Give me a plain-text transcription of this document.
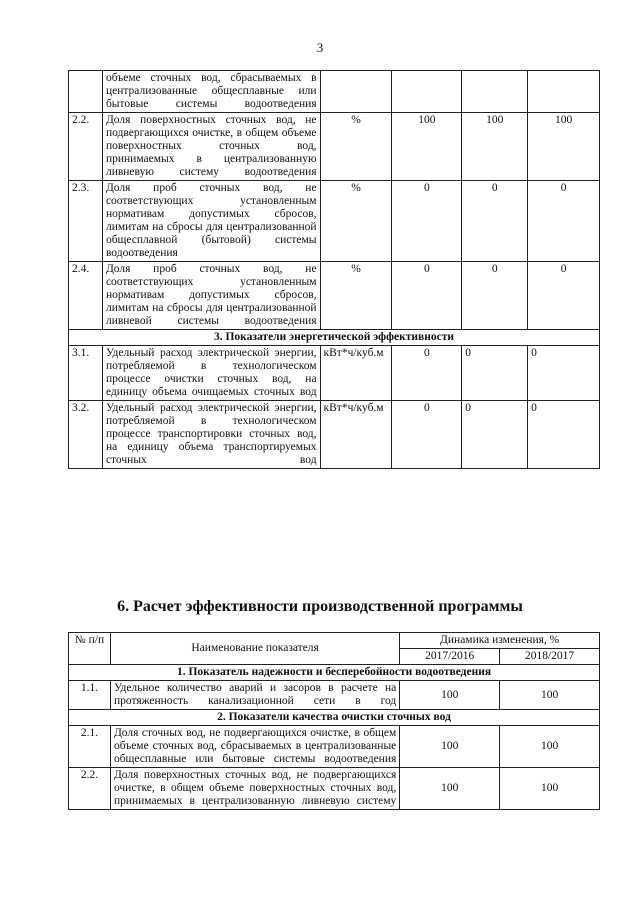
3
	объеме сточных вод, сбрасываемых в централизованные общесплавные или бытовые системы водоотведения				
2.2.	Доля поверхностных сточных вод, не подвергающихся очистке, в общем объеме поверхностных сточных вод, принимаемых в централизованную ливневую систему водоотведения	%	100	100	100
2.3.	Доля проб сточных вод, не соответствующих установленным нормативам допустимых сбросов, лимитам на сбросы для централизованной общесплавной (бытовой) системы водоотведения	%	0	0	0
2.4.	Доля проб сточных вод, не соответствующих установленным нормативам допустимых сбросов, лимитам на сбросы для централизованной ливневой системы водоотведения	%	0	0	0
3. Показатели энергетической эффективности					
3.1.	Удельный расход электрической энергии, потребляемой в технологическом процессе очистки сточных вод, на единицу объема очищаемых сточных вод	кВт*ч/куб.м	0	0	0
3.2.	Удельный расход электрической энергии, потребляемой в технологическом процессе транспортировки сточных вод, на единицу объема транспортируемых сточных вод	кВт*ч/куб.м	0	0	0
6. Расчет эффективности производственной программы
№ п/п	Наименование показателя	Динамика изменения, %	
		2017/2016	2018/2017
1. Показатель надежности и бесперебойности водоотведения			
1.1.	Удельное количество аварий и засоров в расчете на протяженность канализационной сети в год	100	100
2. Показатели качества очистки сточных вод			
2.1.	Доля сточных вод, не подвергающихся очистке, в общем объеме сточных вод, сбрасываемых в централизованные общесплавные или бытовые системы водоотведения	100	100
2.2.	Доля поверхностных сточных вод, не подвергающихся очистке, в общем объеме поверхностных сточных вод, принимаемых в централизованную ливневую систему	100	100
